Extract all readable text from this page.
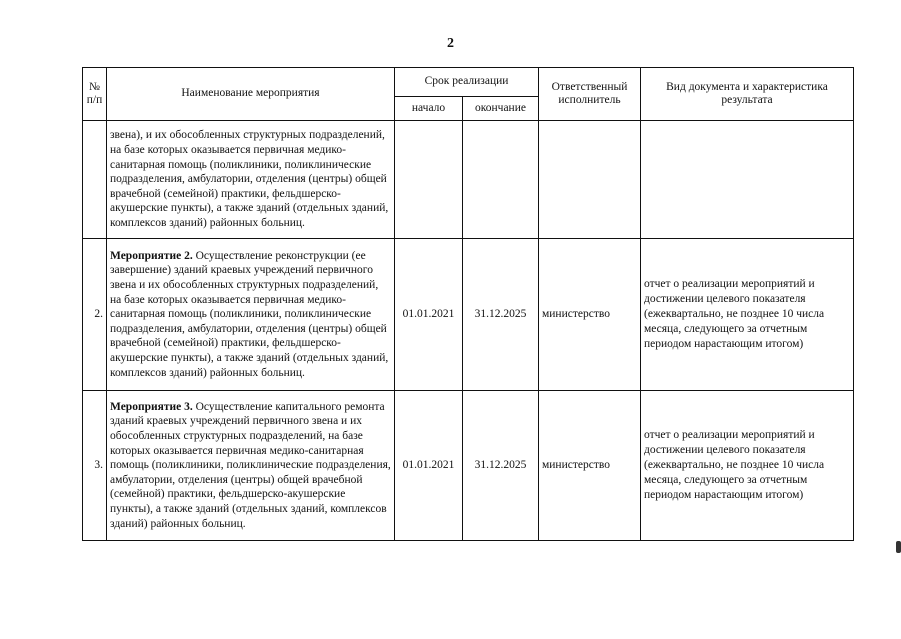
2
№ п/п	Наименование мероприятия	Срок реализации		Ответственный исполнитель	Вид документа и характеристика результата
		начало	окончание		
	звена), и их обособленных структурных подразделений, на базе которых оказывается первичная медико-санитарная помощь (поликлиники, поликлинические подразделения, амбулатории, отделения (центры) общей врачебной (семейной) практики, фельдшерско-акушерские пункты), а также зданий (отдельных зданий, комплексов зданий) районных больниц.				
2.	Мероприятие 2. Осуществление реконструкции (ее завершение) зданий краевых учреждений первичного звена и их обособленных структурных подразделений, на базе которых оказывается первичная медико-санитарная помощь (поликлиники, поликлинические подразделения, амбулатории, отделения (центры) общей врачебной (семейной) практики, фельдшерско-акушерские пункты), а также зданий (отдельных зданий, комплексов зданий) районных больниц.	01.01.2021	31.12.2025	министерство	отчет о реализации мероприятий и достижении целевого показателя (ежеквартально, не позднее 10 числа месяца, следующего за отчетным периодом нарастающим итогом)
3.	Мероприятие 3. Осуществление капитального ремонта зданий краевых учреждений первичного звена и их обособленных структурных подразделений, на базе которых оказывается первичная медико-санитарная помощь (поликлиники, поликлинические подразделения, амбулатории, отделения (центры) общей врачебной (семейной) практики, фельдшерско-акушерские пункты), а также зданий (отдельных зданий, комплексов зданий) районных больниц.	01.01.2021	31.12.2025	министерство	отчет о реализации мероприятий и достижении целевого показателя (ежеквартально, не позднее 10 числа месяца, следующего за отчетным периодом нарастающим итогом)
